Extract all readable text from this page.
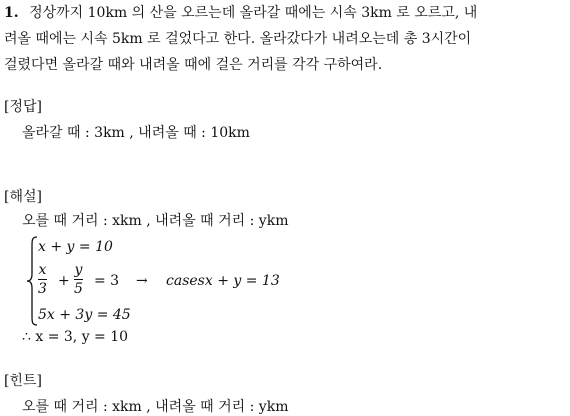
1. 정상까지 10km 의 산을 오르는데 올라갈 때에는 시속 3km 로 오르고, 내
려올 때에는 시속 5km 로 걸었다고 한다. 올라갔다가 내려오는데 총 3시간이
걸렸다면 올라갈 때와 내려올 때에 걸은 거리를 각각 구하여라.
[정답]
올라갈 때 : 3km , 내려올 때 : 10km
[해설]
오를 때 거리 : xkm , 내려올 때 거리 : ykm
x + y = 10
x
3 +
y
5 = 3 → casesx + y = 13
5x + 3y = 45
∴ x = 3, y = 10
[힌트]
오를 때 거리 : xkm , 내려올 때 거리 : ykm
